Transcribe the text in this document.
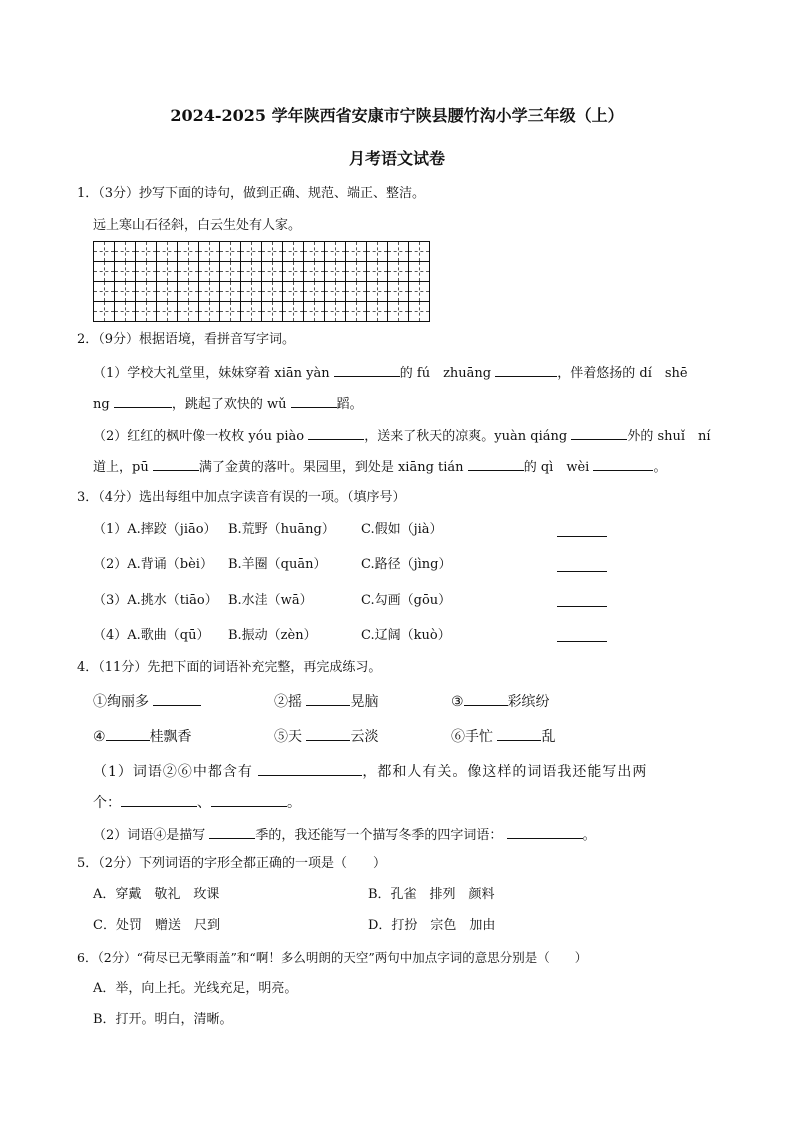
2024-2025 学年陕西省安康市宁陕县腰竹沟小学三年级（上）
月考语文试卷
1．（3分）抄写下面的诗句，做到正确、规范、端正、整洁。
远上寒山石径斜，白云生处有人家。
2．（9分）根据语境，看拼音写字词。
（1）学校大礼堂里，妹妹穿着 xiān yàn	的 fú　zhuāng	，伴着悠扬的 dí　shē
ng	，跳起了欢快的 wǔ	蹈。
（2）红红的枫叶像一枚枚 yóu piào	，送来了秋天的凉爽。yuàn qiáng	外的 shuǐ　ní
道上，pū	满了金黄的落叶。果园里，到处是 xiāng tián	的 qì　wèi	。
3．（4分）选出每组中加点字读音有误的一项。（填序号）
（1）A.摔跤（jiāo） B.荒野（huāng） C.假如（jià）
（2）A.背诵（bèi） B.羊圈（quān）	C.路径（jìng）
（3）A.挑水（tiāo） B.水洼（wā）	C.勾画（gōu）
（4）A.歌曲（qū） B.振动（zèn）	C.辽阔（kuò）
4．（11分）先把下面的词语补充完整，再完成练习。
①绚丽多	②摇	晃脑	③	彩缤纷
④	桂飘香	⑤天	云淡	⑥手忙	乱
（1）词语②⑥中都含有	，都和人有关。像这样的词语我还能写出两
个：	、	。
（2）词语④是描写	季的，我还能写一个描写冬季的四字词语：	。
5．（2分）下列词语的字形全都正确的一项是（　　）
A．穿戴　敬礼　玫课	B．孔雀　排列　颜料
C．处罚　赠送　尺到	D．打扮　宗色　加由
6．（2分）“荷尽已无擎雨盖”和“啊！多么明朗的天空”两句中加点字词的意思分别是（　　）
A．举，向上托。光线充足，明亮。
B．打开。明白，清晰。
